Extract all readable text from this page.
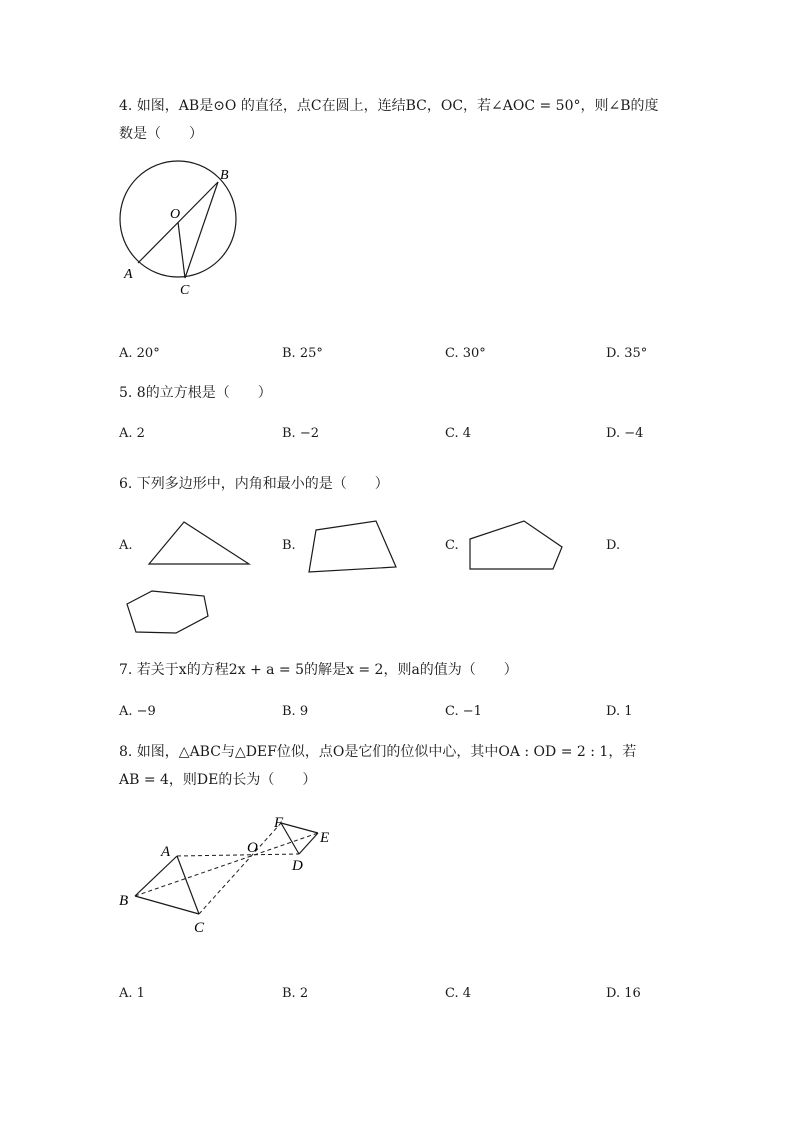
4. 如图，AB是⊙O 的直径，点C在圆上，连结BC，OC，若∠AOC = 50°，则∠B的度
数是（　　）
O
B
A
C
A. 20°	B. 25°	C. 30°	D. 35°
5. 8的立方根是（　　）
A. 2	B. −2	C. 4	D. −4
6. 下列多边形中，内角和最小的是（　　）
A.	B.	C.	D.
7. 若关于x的方程2x + a = 5的解是x = 2，则a的值为（　　）
A. −9	B. 9	C. −1	D. 1
8. 如图，△ABC与△DEF位似，点O是它们的位似中心，其中OA : OD = 2 : 1，若
AB = 4，则DE的长为（　　）
A
B
C
O
F
E
D
A. 1	B. 2	C. 4	D. 16
